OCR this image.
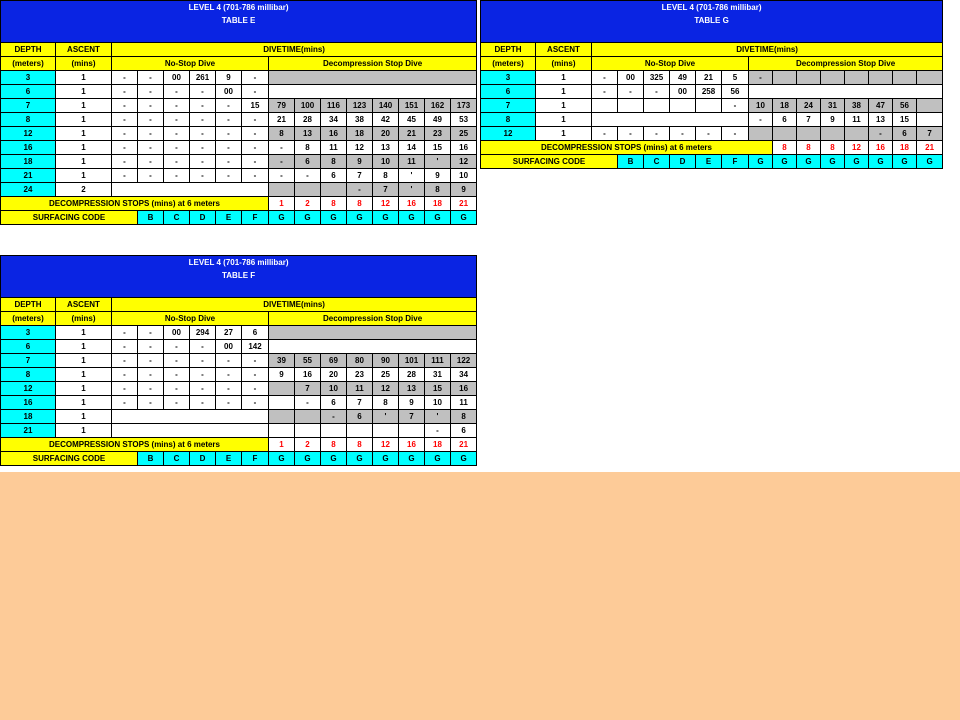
LEVEL 4 (701-786 millibar)
TABLE E															

DEPTH	ASCENT	DIVETIME(mins)													
(meters)	(mins)	No-Stop Dive						Decompression Stop Dive							
3	1	-	-	00	261	9	-								
6	1	-	-	-	-	00	-								
7	1	-	-	-	-	-	15	79	100	116	123	140	151	162	173
8	1	-	-	-	-	-	-	21	28	34	38	42	45	49	53
12	1	-	-	-	-	-	-	8	13	16	18	20	21	23	25
16	1	-	-	-	-	-	-	-	8	11	12	13	14	15	16
18	1	-	-	-	-	-	-	-	6	8	9	10	11	'	12
21	1	-	-	-	-	-	-	-	-	6	7	8	'	9	10
24	2										-	7	'	8	9
DECOMPRESSION STOPS (mins) at 6 meters								1	2	8	8	12	16	18	21
SURFACING CODE			B	C	D	E	F	G	G	G	G	G	G	G	G
LEVEL 4 (701-786 millibar)
TABLE F															

DEPTH	ASCENT	DIVETIME(mins)													
(meters)	(mins)	No-Stop Dive						Decompression Stop Dive							
3	1	-	-	00	294	27	6								
6	1	-	-	-	-	00	142								
7	1	-	-	-	-	-	-	39	55	69	80	90	101	111	122
8	1	-	-	-	-	-	-	9	16	20	23	25	28	31	34
12	1	-	-	-	-	-	-		7	10	11	12	13	15	16
16	1	-	-	-	-	-	-		-	6	7	8	9	10	11
18	1									-	6	'	7	'	8
21	1													-	6
DECOMPRESSION STOPS (mins) at 6 meters								1	2	8	8	12	16	18	21
SURFACING CODE			B	C	D	E	F	G	G	G	G	G	G	G	G
LEVEL 4 (701-786 millibar)
TABLE G															

DEPTH	ASCENT	DIVETIME(mins)													
(meters)	(mins)	No-Stop Dive						Decompression Stop Dive							
3	1	-	00	325	49	21	5	-							
6	1	-	-	-	00	258	56								
7	1						-	10	18	24	31	38	47	56	
8	1							-	6	7	9	11	13	15	
12	1	-	-	-	-	-	-						-	6	7
DECOMPRESSION STOPS (mins) at 6 meters									8	8	8	12	16	18	21
SURFACING CODE			B	C	D	E	F	G	G	G	G	G	G	G	G
